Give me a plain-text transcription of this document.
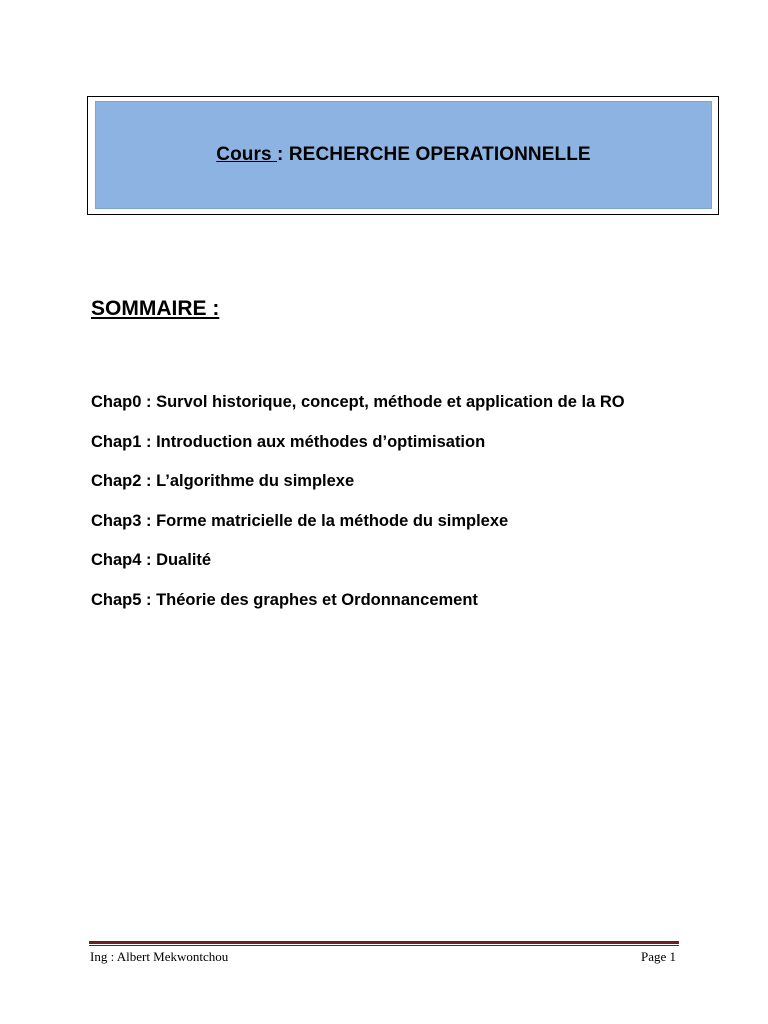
Cours : RECHERCHE OPERATIONNELLE
SOMMAIRE :
Chap0 : Survol historique, concept, méthode et application de la RO
Chap1 : Introduction aux méthodes d’optimisation
Chap2 : L’algorithme du simplexe
Chap3 : Forme matricielle de la méthode du simplexe
Chap4 : Dualité
Chap5 : Théorie des graphes et Ordonnancement
Ing : Albert Mekwontchou	Page 1
